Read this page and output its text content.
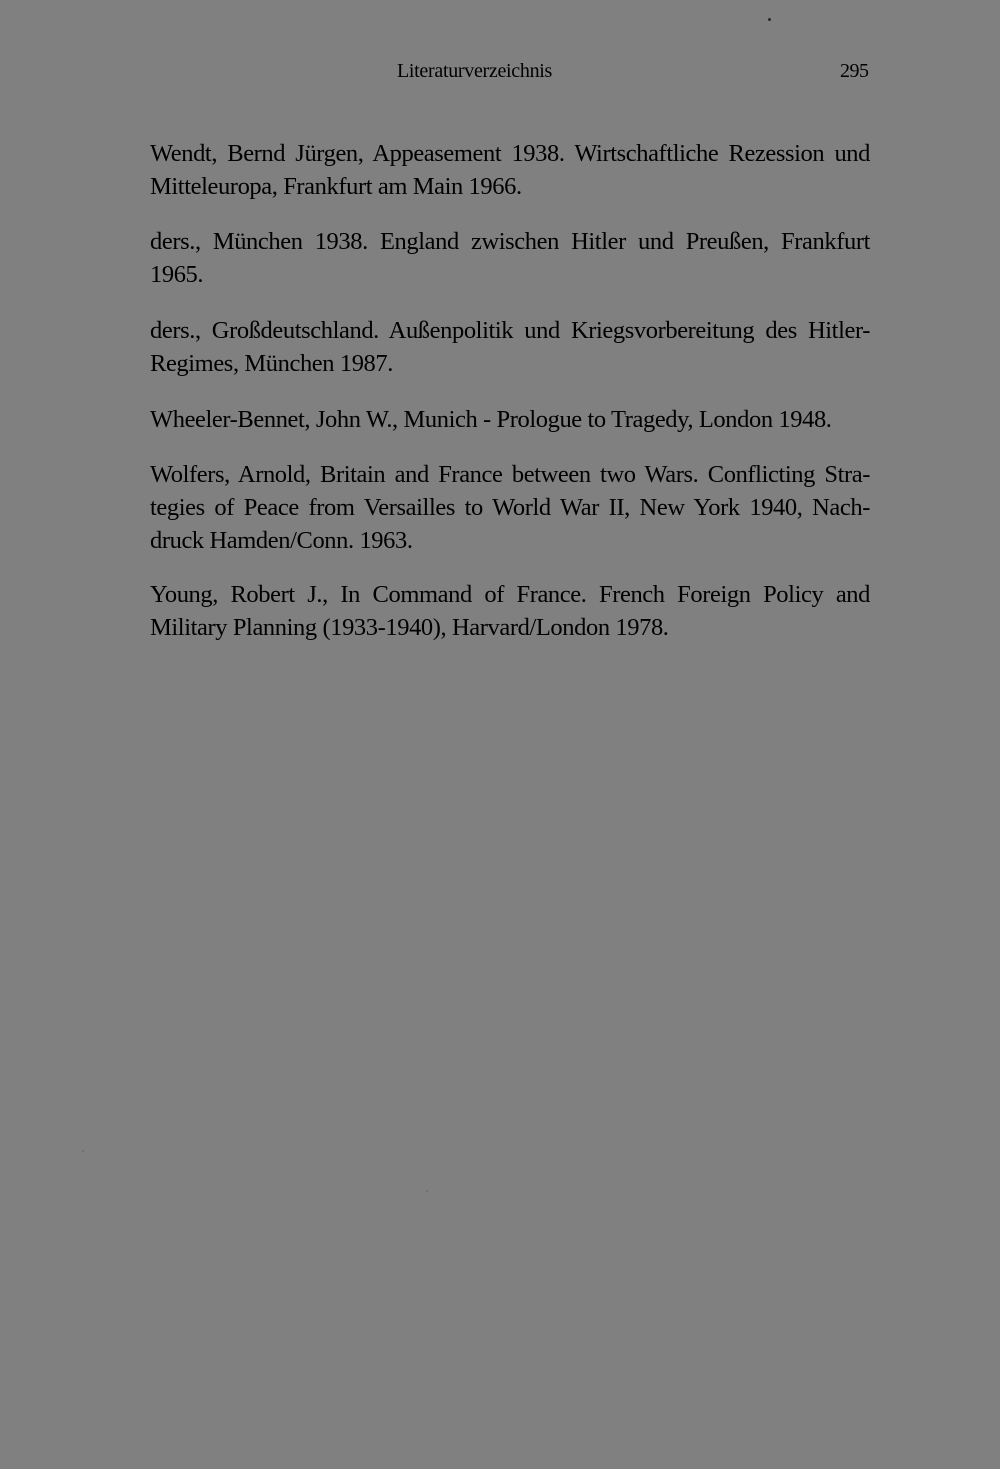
Literaturverzeichnis	295

Wendt, Bernd Jürgen, Appeasement 1938. Wirtschaftliche Rezession und
Mitteleuropa, Frankfurt am Main 1966.

ders., München 1938. England zwischen Hitler und Preußen, Frankfurt
1965.

ders., Großdeutschland. Außenpolitik und Kriegsvorbereitung des Hitler-
Regimes, München 1987.

Wheeler-Bennet, John W., Munich - Prologue to Tragedy, London 1948.

Wolfers, Arnold, Britain and France between two Wars. Conflicting Stra-
tegies of Peace from Versailles to World War II, New York 1940, Nach-
druck Hamden/Conn. 1963.

Young, Robert J., In Command of France. French Foreign Policy and
Military Planning (1933-1940), Harvard/London 1978.
